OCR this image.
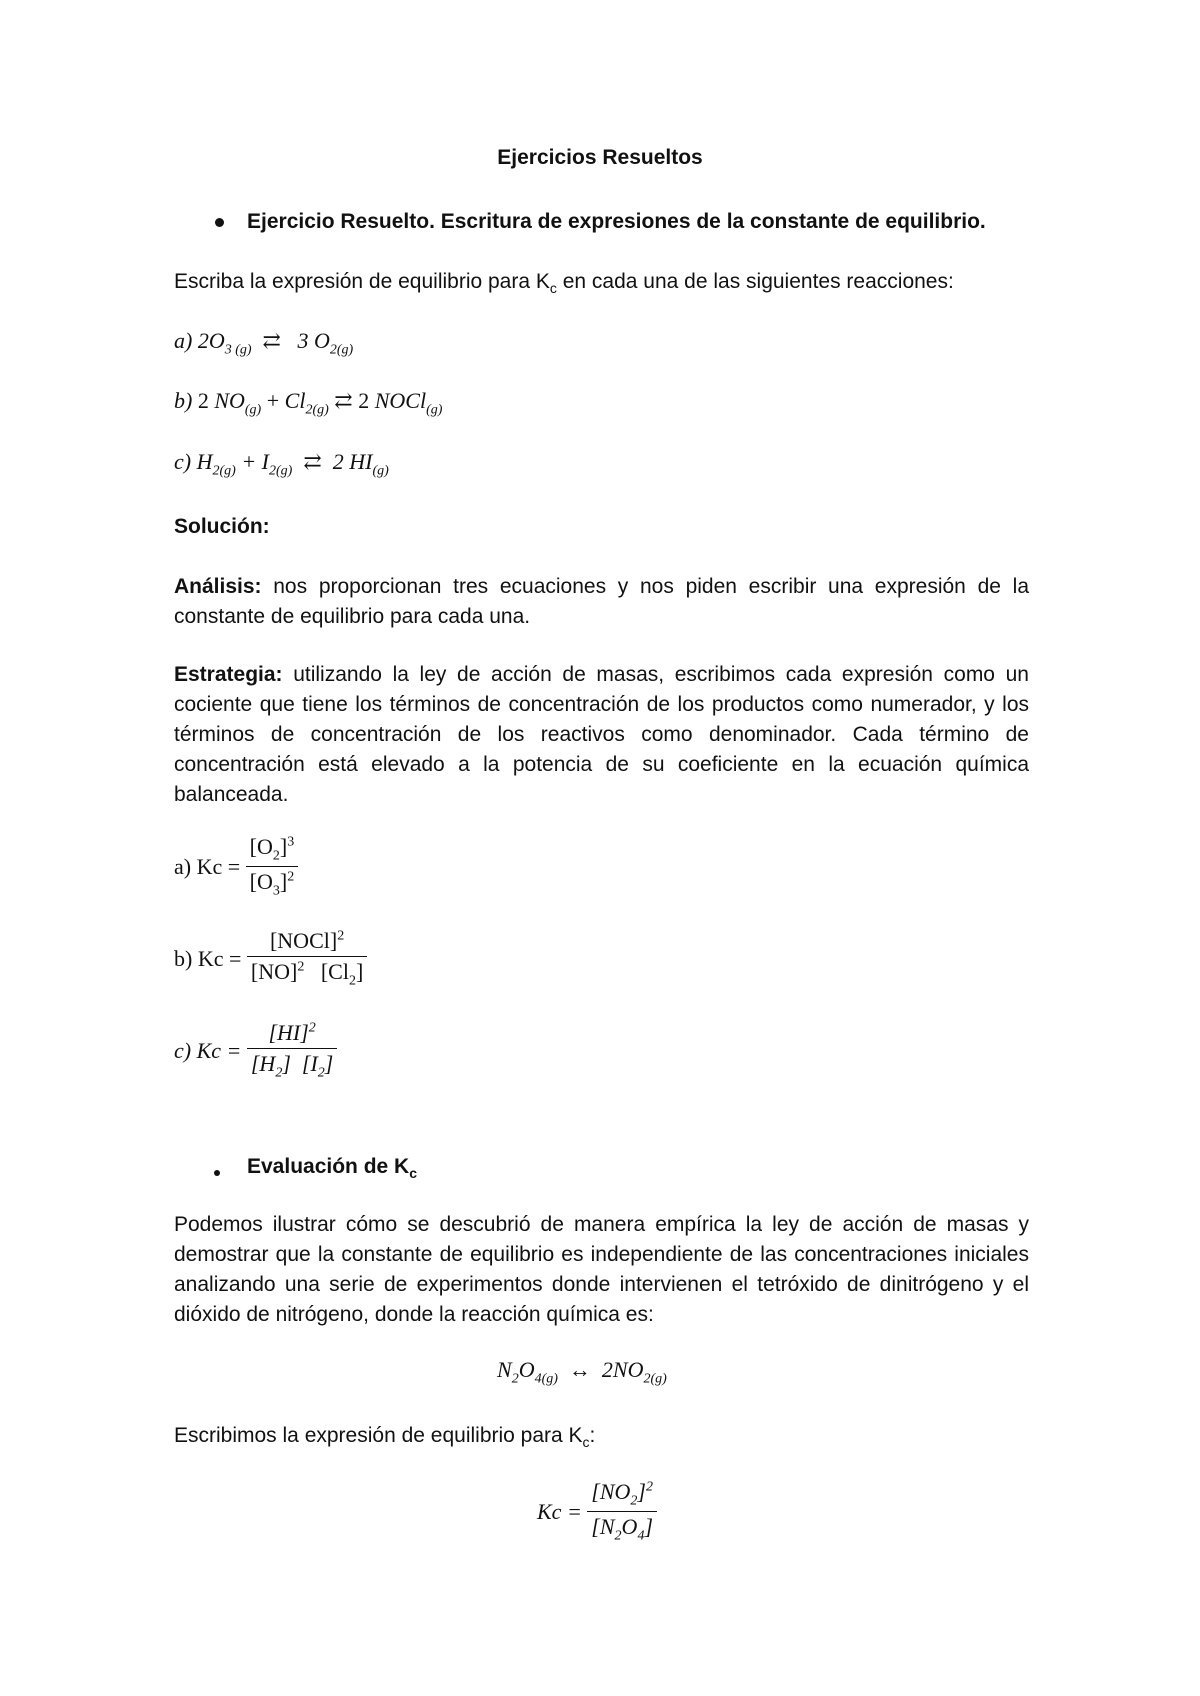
Ejercicios Resueltos
Ejercicio Resuelto. Escritura de expresiones de la constante de equilibrio.
Escriba la expresión de equilibrio para $K_c$ en cada una de las siguientes reacciones:
a) $2O_{3 (g)}$  ⇄   3 $O_{2(g)}$
b) 2 $NO_{(g)} + Cl_{2(g)}$ ⇄ 2 NOCl$_{(g)}$
c) $H_{2(g)} + I_{2(g)}$  ⇄  2 $HI_{(g)}$
Solución:

Análisis: nos proporcionan tres ecuaciones y nos piden escribir una expresión de la constante de equilibrio para cada una.

Estrategia: utilizando la ley de acción de masas, escribimos cada expresión como un cociente que tiene los términos de concentración de los productos como numerador, y los términos de concentración de los reactivos como denominador. Cada término de concentración está elevado a la potencia de su coeficiente en la ecuación química balanceada.

a) $Kc = \frac{[O_2]^3}{[O_3]^2}$
b) $Kc = \frac{[NOCl]^2}{[NO]^2 [Cl_2]}$
c) $Kc = \frac{[HI]^2}{[H_2] [I_2]}$
Evaluación de $K_c$
Podemos ilustrar cómo se descubrió de manera empírica la ley de acción de masas y demostrar que la constante de equilibrio es independiente de las concentraciones iniciales analizando una serie de experimentos donde intervienen el tetróxido de dinitrógeno y el dióxido de nitrógeno, donde la reacción química es:
$N_2O_{4(g)}$  ↔  $2NO_{2(g)}$
Escribimos la expresión de equilibrio para $K_c$:
$Kc = \frac{[NO_2]^2}{[N_2O_4]}$
